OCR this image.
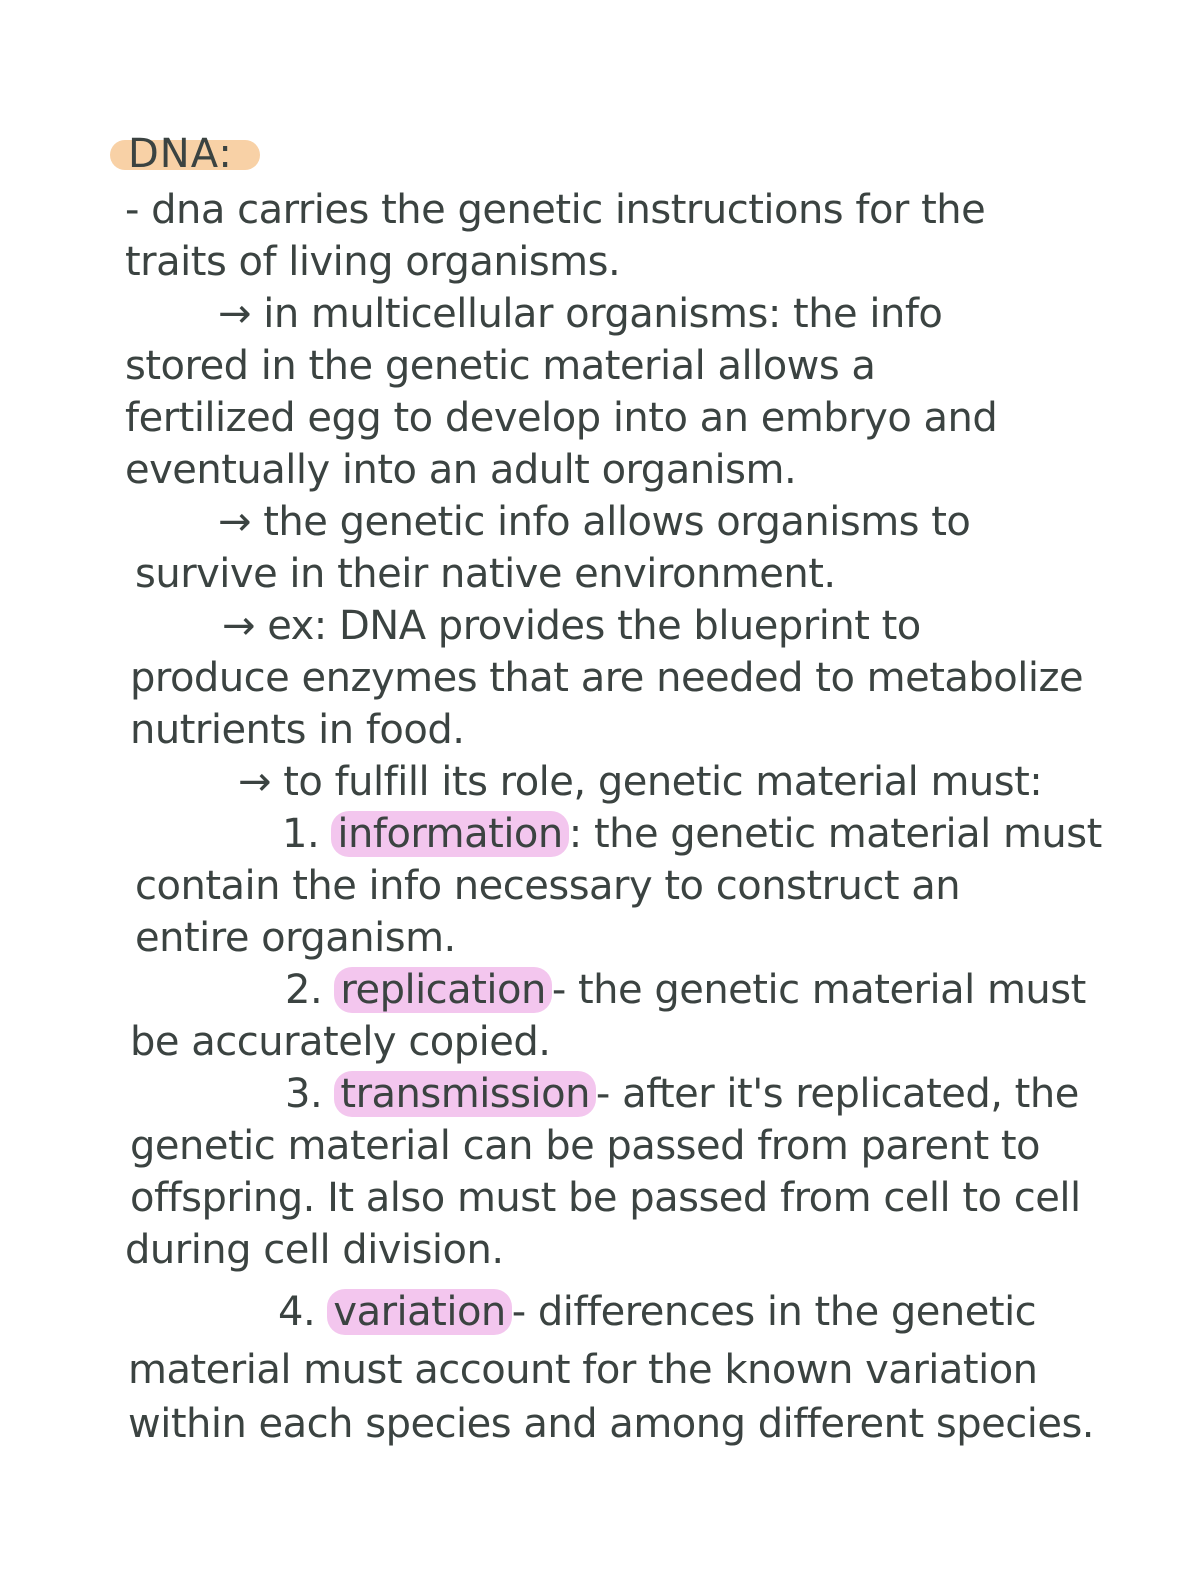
DNA:
- dna carries the genetic instructions for the
traits of living organisms.
→ in multicellular organisms: the info
stored in the genetic material allows a
fertilized egg to develop into an embryo and
eventually into an adult organism.
→ the genetic info allows organisms to
survive in their native environment.
→ ex: DNA provides the blueprint to
produce enzymes that are needed to metabolize
nutrients in food.
→ to fulfill its role, genetic material must:
1. information : the genetic material must
contain the info necessary to construct an
entire organism.
2. replication - the genetic material must
be accurately copied.
3. transmission - after it's replicated, the
genetic material can be passed from parent to
offspring. It also must be passed from cell to cell
during cell division.
4. variation - differences in the genetic
material must account for the known variation
within each species and among different species.
